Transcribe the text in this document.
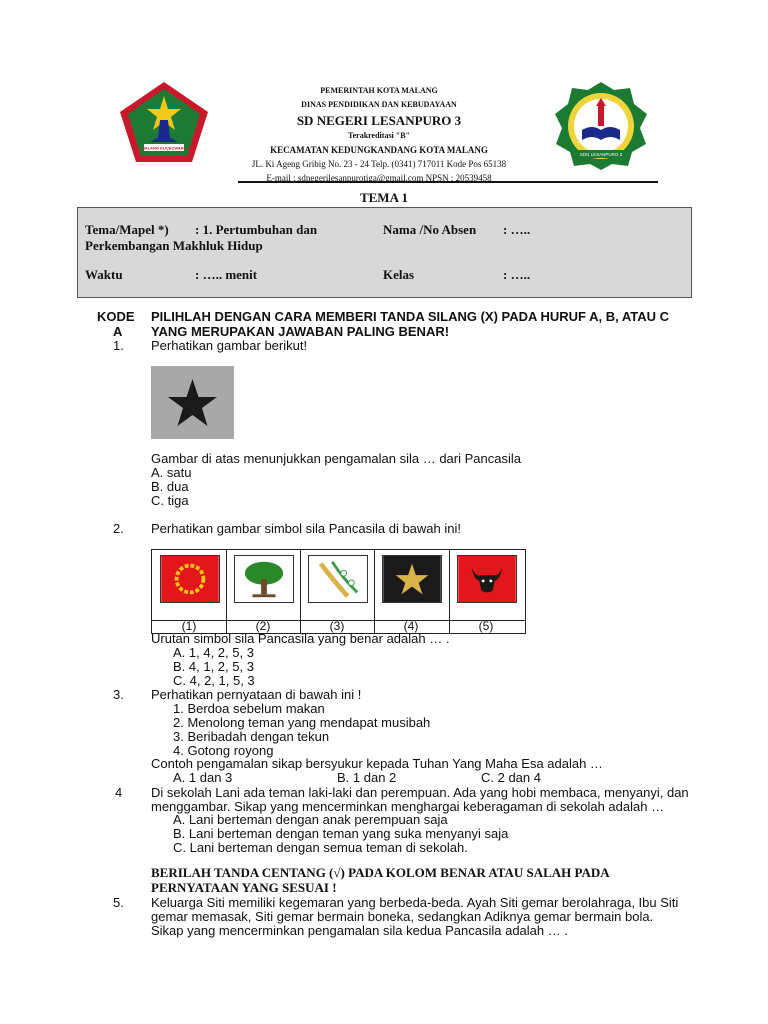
MALANG KUÇEÇWARA
SDN LESANPURO 3
PEMERINTAH KOTA MALANG
DINAS PENDIDIKAN DAN KEBUDAYAAN
SD NEGERI LESANPURO 3
Terakreditasi "B"
KECAMATAN KEDUNGKANDANG KOTA MALANG
JL. Ki Ageng Gribig No. 23 - 24 Telp. (0341) 717011 Kode Pos 65138
E-mail : sdnegerilesanpurotiga@gmail.com NPSN : 20539458
TEMA 1
Tema/Mapel *) : 1. Pertumbuhan dan
Perkembangan Makhluk Hidup
Nama /No Absen : …..
Waktu	: ….. menit	Kelas	: …..
KODE
A
PILIHLAH DENGAN CARA MEMBERI TANDA SILANG (X) PADA HURUF A, B, ATAU C
YANG MERUPAKAN JAWABAN PALING BENAR!
1. Perhatikan gambar berikut!
Gambar di atas menunjukkan pengamalan sila … dari Pancasila
A. satu
B. dua
C. tiga
2. Perhatikan gambar simbol sila Pancasila di bawah ini!
(1)	(2)	(3)	(4)	(5)
Urutan simbol sila Pancasila yang benar adalah … .
A. 1, 4, 2, 5, 3
B. 4, 1, 2, 5, 3
C. 4, 2, 1, 5, 3
3. Perhatikan pernyataan di bawah ini !
1. Berdoa sebelum makan
2. Menolong teman yang mendapat musibah
3. Beribadah dengan tekun
4. Gotong royong
Contoh pengamalan sikap bersyukur kepada Tuhan Yang Maha Esa adalah …
A. 1 dan 3	B. 1 dan 2	C. 2 dan 4
4 Di sekolah Lani ada teman laki-laki dan perempuan. Ada yang hobi membaca, menyanyi, dan
menggambar. Sikap yang mencerminkan menghargai keberagaman di sekolah adalah …
A. Lani berteman dengan anak perempuan saja
B. Lani berteman dengan teman yang suka menyanyi saja
C. Lani berteman dengan semua teman di sekolah.
BERILAH TANDA CENTANG (√) PADA KOLOM BENAR ATAU SALAH PADA
PERNYATAAN YANG SESUAI !
5. Keluarga Siti memiliki kegemaran yang berbeda-beda. Ayah Siti gemar berolahraga, Ibu Siti
gemar memasak, Siti gemar bermain boneka, sedangkan Adiknya gemar bermain bola.
Sikap yang mencerminkan pengamalan sila kedua Pancasila adalah … .
